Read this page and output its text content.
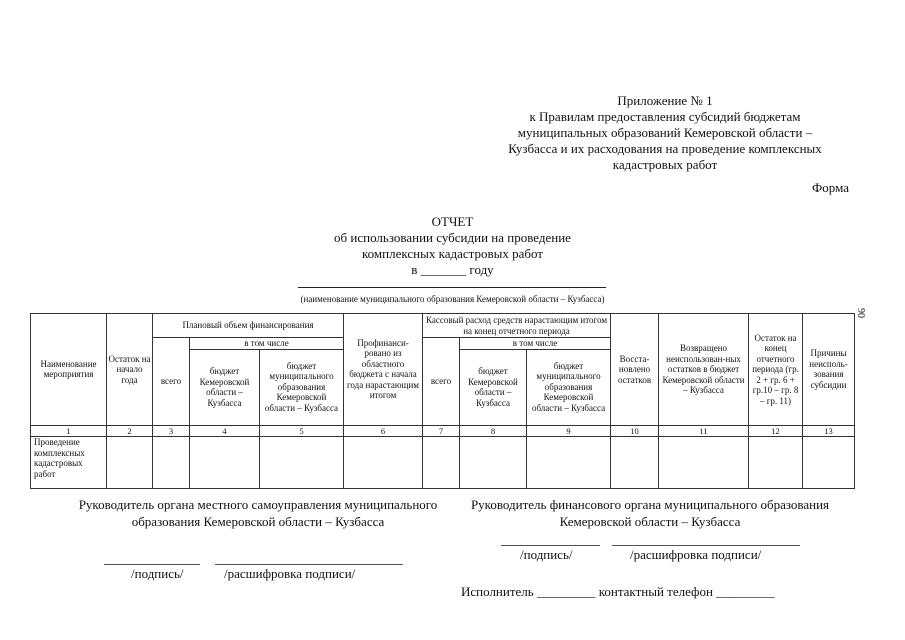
Приложение № 1
к Правилам предоставления субсидий бюджетам
муниципальных образований Кемеровской области –
Кузбасса и их расходования на проведение комплексных
кадастровых работ
Форма
ОТЧЕТ
об использовании субсидии на проведение
комплексных кадастровых работ
в _______ году
(наименование муниципального образования Кемеровской области – Кузбасса)
90
Наименование мероприятия	Остаток на начало года	Плановый объем финансирования			Профинанси-ровано из областного бюджета с начала года нарастающим итогом	Кассовый расход средств нарастающим итогом на конец отчетного периода			Восста-новлено остатков	Возвращено неиспользован-ных остатков в бюджет Кемеровской области – Кузбасса	Остаток на конец отчетного периода (гр. 2 + гр. 6 + гр.10 – гр. 8 – гр. 11)	Причины неисполь-зования субсидии
		всего	в том числе			всего	в том числе					
			бюджет Кемеровской области – Кузбасса	бюджет муниципального образования Кемеровской области – Кузбасса			бюджет Кемеровской области – Кузбасса	бюджет муниципального образования Кемеровской области – Кузбасса				
1	2	3	4	5	6	7	8	9	10	11	12	13
Проведение комплексных кадастровых работ												
Руководитель органа местного самоуправления муниципального образования Кемеровской области – Кузбасса
/подпись/	/расшифровка подписи/
Руководитель финансового органа муниципального образования Кемеровской области – Кузбасса
/подпись/	/расшифровка подписи/
Исполнитель _________ контактный телефон _________
